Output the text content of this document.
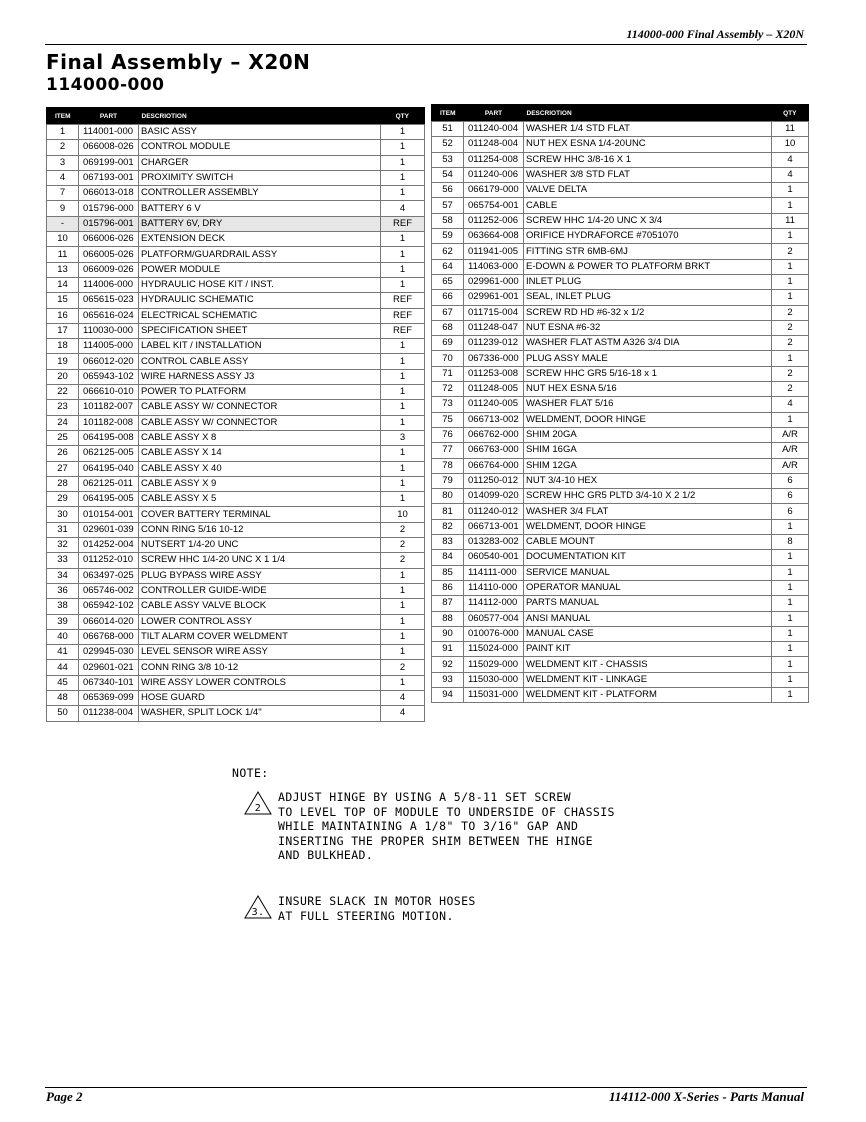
114000-000 Final Assembly – X20N
Final Assembly – X20N
114000-000
ITEM	PART	DESCRIOTION	QTY
1	114001-000	BASIC ASSY	1
2	066008-026	CONTROL MODULE	1
3	069199-001	CHARGER	1
4	067193-001	PROXIMITY SWITCH	1
7	066013-018	CONTROLLER ASSEMBLY	1
9	015796-000	BATTERY 6 V	4
-	015796-001	BATTERY 6V, DRY	REF
10	066006-026	EXTENSION DECK	1
11	066005-026	PLATFORM/GUARDRAIL ASSY	1
13	066009-026	POWER MODULE	1
14	114006-000	HYDRAULIC HOSE KIT / INST.	1
15	065615-023	HYDRAULIC SCHEMATIC	REF
16	065616-024	ELECTRICAL SCHEMATIC	REF
17	110030-000	SPECIFICATION SHEET	REF
18	114005-000	LABEL KIT / INSTALLATION	1
19	066012-020	CONTROL CABLE ASSY	1
20	065943-102	WIRE HARNESS ASSY J3	1
22	066610-010	POWER TO PLATFORM	1
23	101182-007	CABLE ASSY W/ CONNECTOR	1
24	101182-008	CABLE ASSY W/ CONNECTOR	1
25	064195-008	CABLE ASSY X 8	3
26	062125-005	CABLE ASSY X 14	1
27	064195-040	CABLE ASSY X 40	1
28	062125-011	CABLE ASSY X 9	1
29	064195-005	CABLE ASSY X 5	1
30	010154-001	COVER BATTERY TERMINAL	10
31	029601-039	CONN RING 5/16 10-12	2
32	014252-004	NUTSERT 1/4-20 UNC	2
33	011252-010	SCREW HHC 1/4-20 UNC X 1 1/4	2
34	063497-025	PLUG BYPASS WIRE ASSY	1
36	065746-002	CONTROLLER GUIDE-WIDE	1
38	065942-102	CABLE ASSY VALVE BLOCK	1
39	066014-020	LOWER CONTROL ASSY	1
40	066768-000	TILT ALARM COVER WELDMENT	1
41	029945-030	LEVEL SENSOR WIRE ASSY	1
44	029601-021	CONN RING 3/8 10-12	2
45	067340-101	WIRE ASSY LOWER CONTROLS	1
48	065369-099	HOSE GUARD	4
50	011238-004	WASHER, SPLIT LOCK 1/4"	4
ITEM	PART	DESCRIOTION	QTY
51	011240-004	WASHER 1/4 STD FLAT	11
52	011248-004	NUT HEX ESNA 1/4-20UNC	10
53	011254-008	SCREW HHC 3/8-16 X 1	4
54	011240-006	WASHER 3/8 STD FLAT	4
56	066179-000	VALVE DELTA	1
57	065754-001	CABLE	1
58	011252-006	SCREW HHC 1/4-20 UNC X 3/4	11
59	063664-008	ORIFICE HYDRAFORCE #7051070	1
62	011941-005	FITTING STR 6MB-6MJ	2
64	114063-000	E-DOWN & POWER TO PLATFORM BRKT	1
65	029961-000	INLET PLUG	1
66	029961-001	SEAL, INLET PLUG	1
67	011715-004	SCREW RD HD #6-32 x 1/2	2
68	011248-047	NUT ESNA #6-32	2
69	011239-012	WASHER FLAT ASTM A326 3/4 DIA	2
70	067336-000	PLUG ASSY MALE	1
71	011253-008	SCREW HHC GR5 5/16-18 x 1	2
72	011248-005	NUT HEX ESNA 5/16	2
73	011240-005	WASHER FLAT 5/16	4
75	066713-002	WELDMENT, DOOR HINGE	1
76	066762-000	SHIM 20GA	A/R
77	066763-000	SHIM 16GA	A/R
78	066764-000	SHIM 12GA	A/R
79	011250-012	NUT 3/4-10 HEX	6
80	014099-020	SCREW HHC GR5 PLTD 3/4-10 X 2 1/2	6
81	011240-012	WASHER 3/4 FLAT	6
82	066713-001	WELDMENT, DOOR HINGE	1
83	013283-002	CABLE MOUNT	8
84	060540-001	DOCUMENTATION KIT	1
85	114111-000	SERVICE MANUAL	1
86	114110-000	OPERATOR MANUAL	1
87	114112-000	PARTS MANUAL	1
88	060577-004	ANSI MANUAL	1
90	010076-000	MANUAL CASE	1
91	115024-000	PAINT KIT	1
92	115029-000	WELDMENT KIT - CHASSIS	1
93	115030-000	WELDMENT KIT - LINKAGE	1
94	115031-000	WELDMENT KIT - PLATFORM	1
NOTE:
2
ADJUST HINGE BY USING A 5/8-11 SET SCREW
TO LEVEL TOP OF MODULE TO UNDERSIDE OF CHASSIS
WHILE MAINTAINING A 1/8" TO 3/16" GAP AND
INSERTING THE PROPER SHIM BETWEEN THE HINGE
AND BULKHEAD.
3.
INSURE SLACK IN MOTOR HOSES
AT FULL STEERING MOTION.
Page 2	114112-000 X-Series - Parts Manual
